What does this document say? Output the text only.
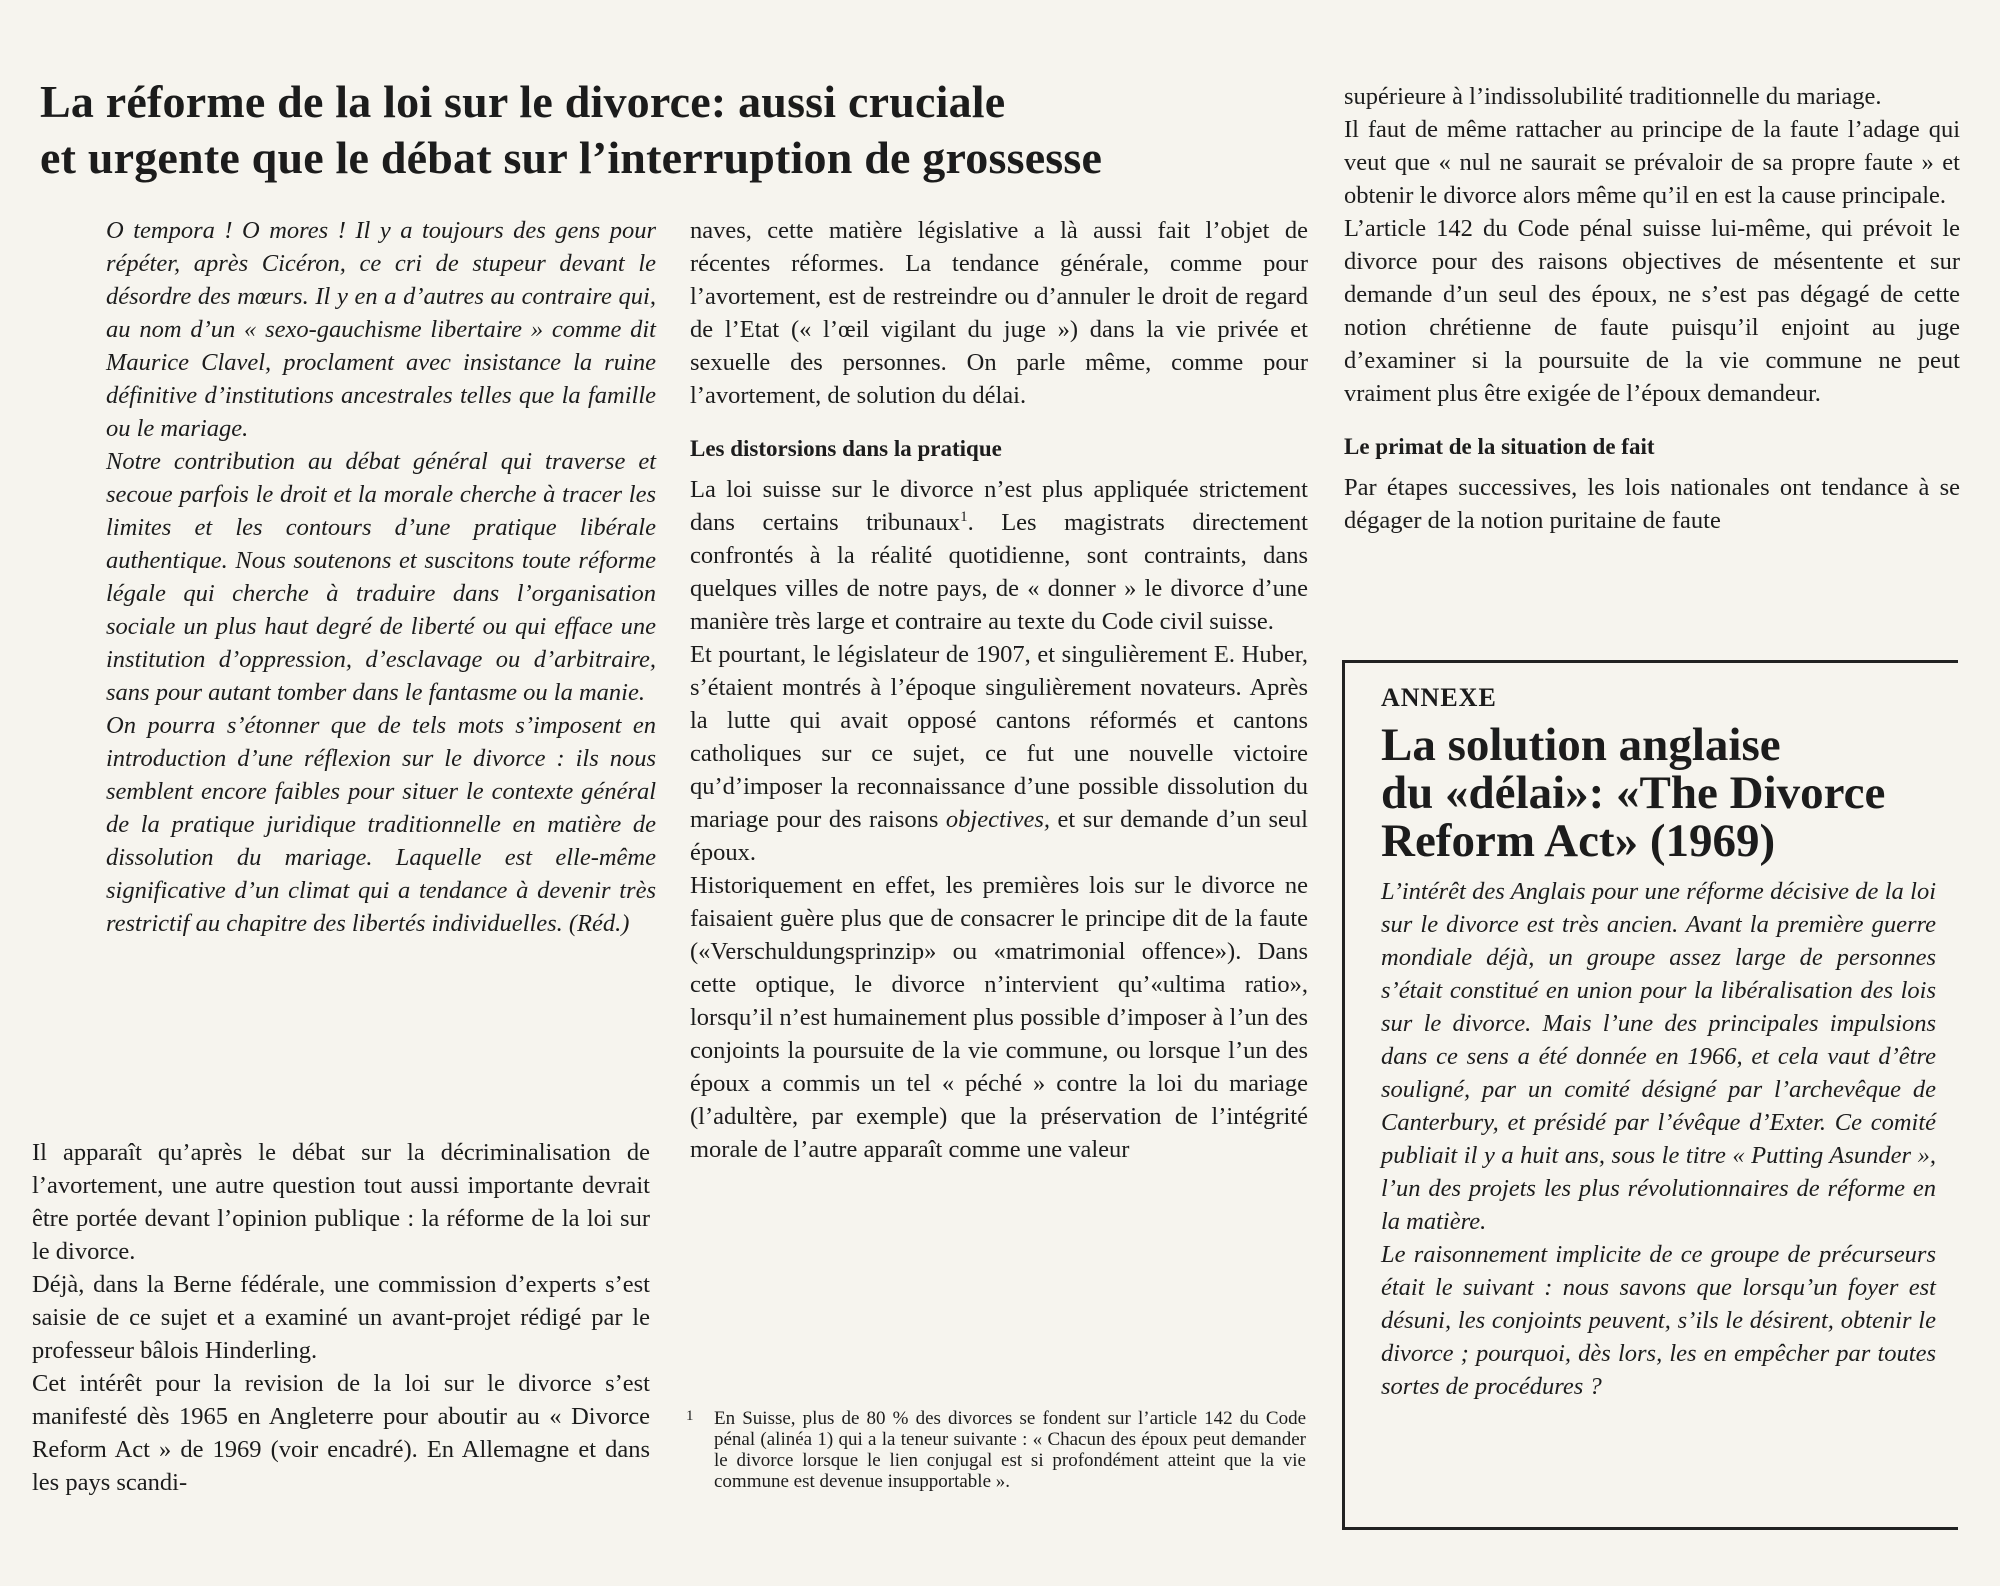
La réforme de la loi sur le divorce: aussi cruciale
et urgente que le débat sur l’interruption de grossesse

O tempora ! O mores ! Il y a toujours des gens pour répéter, après Cicéron, ce cri de stupeur devant le désordre des mœurs. Il y en a d’autres au contraire qui, au nom d’un « sexo-gauchisme libertaire » comme dit Maurice Clavel, proclament avec insistance la ruine définitive d’institutions ancestrales telles que la famille ou le mariage.

Notre contribution au débat général qui traverse et secoue parfois le droit et la morale cherche à tracer les limites et les contours d’une pratique libérale authentique. Nous soutenons et suscitons toute réforme légale qui cherche à traduire dans l’organisation sociale un plus haut degré de liberté ou qui efface une institution d’oppression, d’esclavage ou d’arbitraire, sans pour autant tomber dans le fantasme ou la manie.

On pourra s’étonner que de tels mots s’imposent en introduction d’une réflexion sur le divorce : ils nous semblent encore faibles pour situer le contexte général de la pratique juridique traditionnelle en matière de dissolution du mariage. Laquelle est elle-même significative d’un climat qui a tendance à devenir très restrictif au chapitre des libertés individuelles. (Réd.)

Il apparaît qu’après le débat sur la décriminalisation de l’avortement, une autre question tout aussi importante devrait être portée devant l’opinion publique : la réforme de la loi sur le divorce.

Déjà, dans la Berne fédérale, une commission d’experts s’est saisie de ce sujet et a examiné un avant-projet rédigé par le professeur bâlois Hinderling.

Cet intérêt pour la revision de la loi sur le divorce s’est manifesté dès 1965 en Angleterre pour aboutir au « Divorce Reform Act » de 1969 (voir encadré). En Allemagne et dans les pays scandi-

naves, cette matière législative a là aussi fait l’objet de récentes réformes. La tendance générale, comme pour l’avortement, est de restreindre ou d’annuler le droit de regard de l’Etat (« l’œil vigilant du juge ») dans la vie privée et sexuelle des personnes. On parle même, comme pour l’avortement, de solution du délai.

Les distorsions dans la pratique

La loi suisse sur le divorce n’est plus appliquée strictement dans certains tribunaux$^1$. Les magistrats directement confrontés à la réalité quotidienne, sont contraints, dans quelques villes de notre pays, de « donner » le divorce d’une manière très large et contraire au texte du Code civil suisse.

Et pourtant, le législateur de 1907, et singulièrement E. Huber, s’étaient montrés à l’époque singulièrement novateurs. Après la lutte qui avait opposé cantons réformés et cantons catholiques sur ce sujet, ce fut une nouvelle victoire qu’d’imposer la reconnaissance d’une possible dissolution du mariage pour des raisons objectives, et sur demande d’un seul époux.

Historiquement en effet, les premières lois sur le divorce ne faisaient guère plus que de consacrer le principe dit de la faute («Verschuldungsprinzip» ou «matrimonial offence»). Dans cette optique, le divorce n’intervient qu’«ultima ratio», lorsqu’il n’est humainement plus possible d’imposer à l’un des conjoints la poursuite de la vie commune, ou lorsque l’un des époux a commis un tel « péché » contre la loi du mariage (l’adultère, par exemple) que la préservation de l’intégrité morale de l’autre apparaît comme une valeur

1 En Suisse, plus de 80 % des divorces se fondent sur l’article 142 du Code pénal (alinéa 1) qui a la teneur suivante : « Chacun des époux peut demander le divorce lorsque le lien conjugal est si profondément atteint que la vie commune est devenue insupportable ».

supérieure à l’indissolubilité traditionnelle du mariage.

Il faut de même rattacher au principe de la faute l’adage qui veut que « nul ne saurait se prévaloir de sa propre faute » et obtenir le divorce alors même qu’il en est la cause principale.

L’article 142 du Code pénal suisse lui-même, qui prévoit le divorce pour des raisons objectives de mésentente et sur demande d’un seul des époux, ne s’est pas dégagé de cette notion chrétienne de faute puisqu’il enjoint au juge d’examiner si la poursuite de la vie commune ne peut vraiment plus être exigée de l’époux demandeur.

Le primat de la situation de fait

Par étapes successives, les lois nationales ont tendance à se dégager de la notion puritaine de faute

ANNEXE
La solution anglaise
du «délai»: «The Divorce
Reform Act» (1969)

L’intérêt des Anglais pour une réforme décisive de la loi sur le divorce est très ancien. Avant la première guerre mondiale déjà, un groupe assez large de personnes s’était constitué en union pour la libéralisation des lois sur le divorce. Mais l’une des principales impulsions dans ce sens a été donnée en 1966, et cela vaut d’être souligné, par un comité désigné par l’archevêque de Canterbury, et présidé par l’évêque d’Exter. Ce comité publiait il y a huit ans, sous le titre « Putting Asunder », l’un des projets les plus révolutionnaires de réforme en la matière.

Le raisonnement implicite de ce groupe de précurseurs était le suivant : nous savons que lorsqu’un foyer est désuni, les conjoints peuvent, s’ils le désirent, obtenir le divorce ; pourquoi, dès lors, les en empêcher par toutes sortes de procédures ?
